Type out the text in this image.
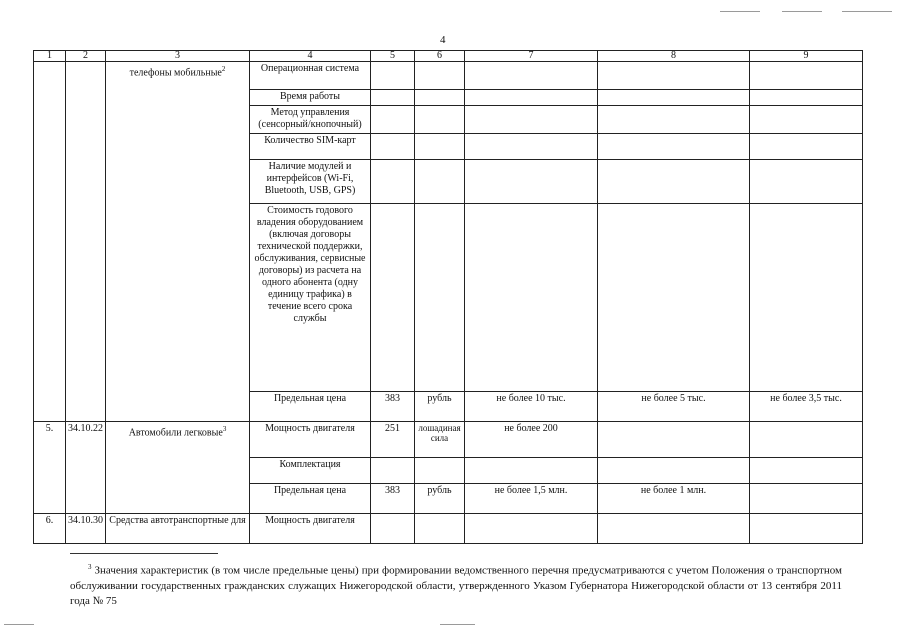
4
1	2	3	4	5	6	7	8	9
		телефоны мобильные$^2$	Операционная система					
			Время работы					
			Метод управления (сенсорный/кнопочный)					
			Количество SIM-карт					
			Наличие модулей и интерфейсов (Wi-Fi, Bluetooth, USB, GPS)					
			Стоимость годового владения оборудованием (включая договоры технической поддержки, обслуживания, сервисные договоры) из расчета на одного абонента (одну единицу трафика) в течение всего срока службы					
			Предельная цена	383	рубль	не более 10 тыс.	не более 5 тыс.	не более 3,5 тыс.
5.	34.10.22	Автомобили легковые$^3$	Мощность двигателя	251	лошадиная сила	не более 200		
			Комплектация					
			Предельная цена	383	рубль	не более 1,5 млн.	не более 1 млн.	
6.	34.10.30	Средства автотранспортные для	Мощность двигателя					
$^3$ Значения характеристик (в том числе предельные цены) при формировании ведомственного перечня предусматриваются с учетом Положения о транспортном обслуживании государственных гражданских служащих Нижегородской области, утвержденного Указом Губернатора Нижегородской области от 13 сентября 2011 года № 75
